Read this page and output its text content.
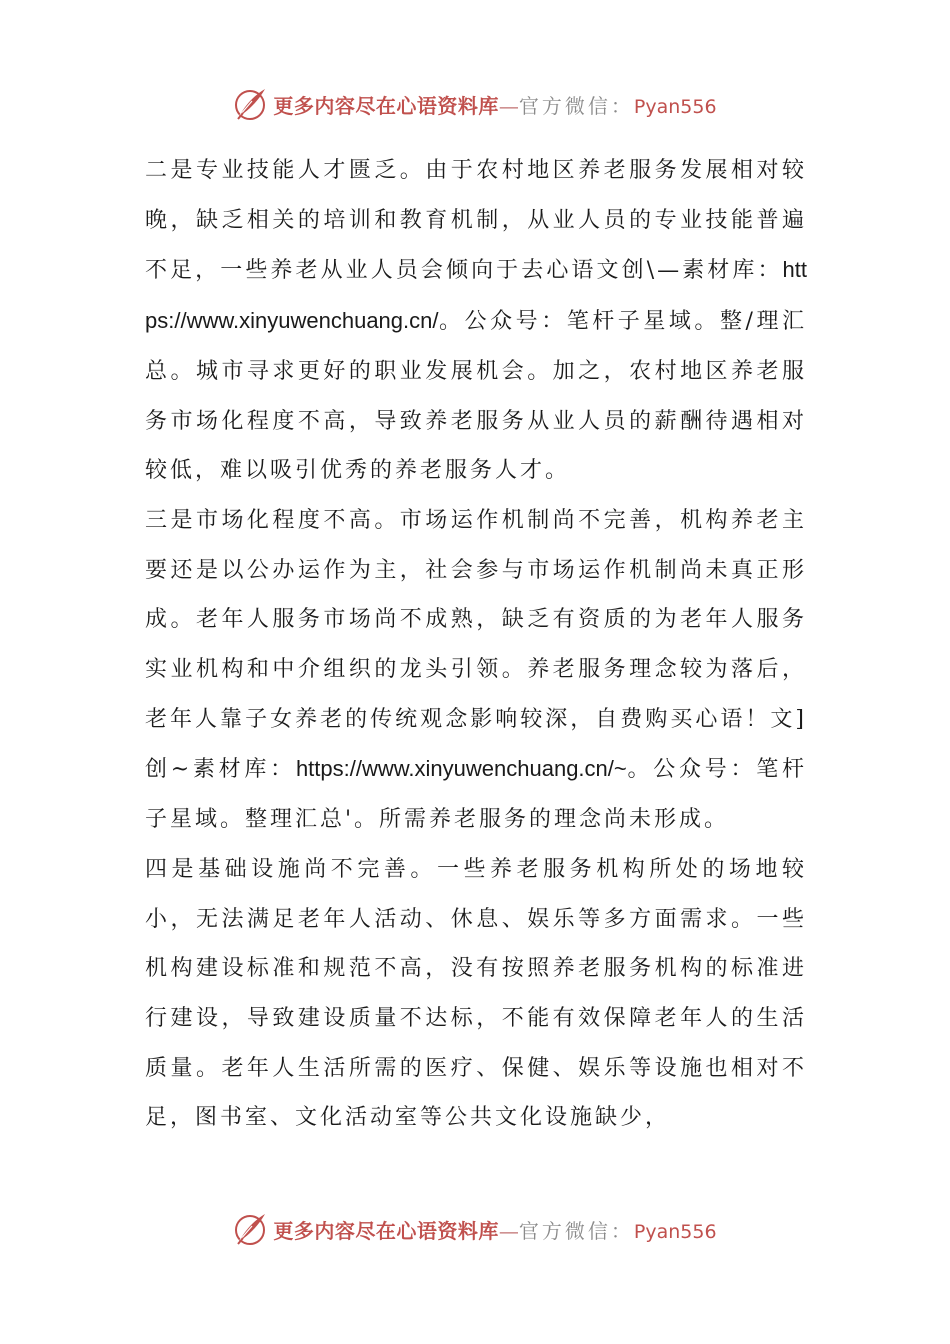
更多内容尽在心语资料库—官方微信：Pyan556

二是专业技能人才匮乏。由于农村地区养老服务发展相对较晚，缺乏相关的培训和教育机制，从业人员的专业技能普遍不足，一些养老从业人员会倾向于去心语文创\—素材库：https://www.xinyuwenchuang.cn/。公众号：笔杆子星域。整/理汇总。城市寻求更好的职业发展机会。加之，农村地区养老服务市场化程度不高，导致养老服务从业人员的薪酬待遇相对较低，难以吸引优秀的养老服务人才。

三是市场化程度不高。市场运作机制尚不完善，机构养老主要还是以公办运作为主，社会参与市场运作机制尚未真正形成。老年人服务市场尚不成熟，缺乏有资质的为老年人服务实业机构和中介组织的龙头引领。养老服务理念较为落后，老年人靠子女养老的传统观念影响较深，自费购买心语！文]创~素材库：https://www.xinyuwenchuang.cn/~。公众号：笔杆子星域。整理汇总'。所需养老服务的理念尚未形成。

四是基础设施尚不完善。一些养老服务机构所处的场地较小，无法满足老年人活动、休息、娱乐等多方面需求。一些机构建设标准和规范不高，没有按照养老服务机构的标准进行建设，导致建设质量不达标，不能有效保障老年人的生活质量。老年人生活所需的医疗、保健、娱乐等设施也相对不足，图书室、文化活动室等公共文化设施缺少，

更多内容尽在心语资料库—官方微信：Pyan556
